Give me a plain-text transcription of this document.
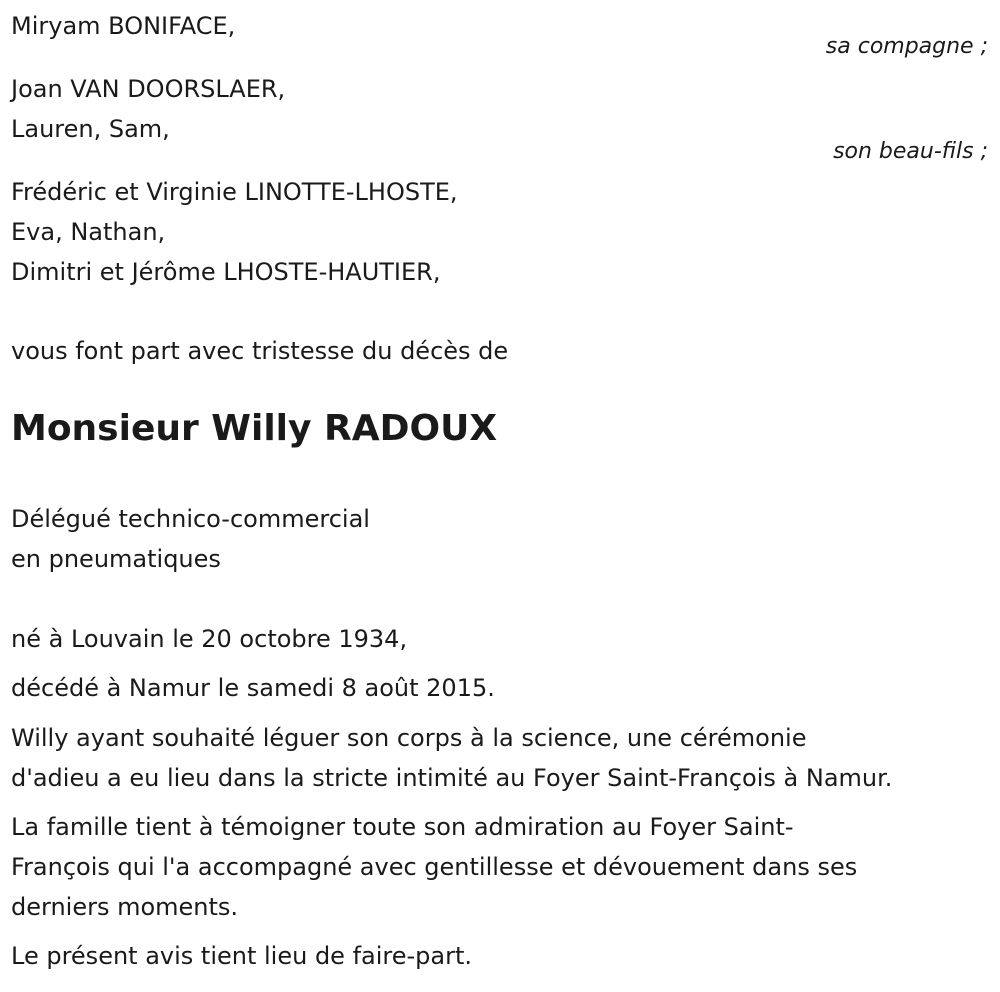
Miryam BONIFACE,
sa compagne ;
Joan VAN DOORSLAER,
Lauren, Sam,
son beau-fils ;
Frédéric et Virginie LINOTTE-LHOSTE,
Eva, Nathan,
Dimitri et Jérôme LHOSTE-HAUTIER,
vous font part avec tristesse du décès de
Monsieur Willy RADOUX
Délégué technico-commercial
en pneumatiques
né à Louvain le 20 octobre 1934,
décédé à Namur le samedi 8 août 2015.
Willy ayant souhaité léguer son corps à la science, une cérémonie
d'adieu a eu lieu dans la stricte intimité au Foyer Saint-François à Namur.
La famille tient à témoigner toute son admiration au Foyer Saint-
François qui l'a accompagné avec gentillesse et dévouement dans ses
derniers moments.
Le présent avis tient lieu de faire-part.
